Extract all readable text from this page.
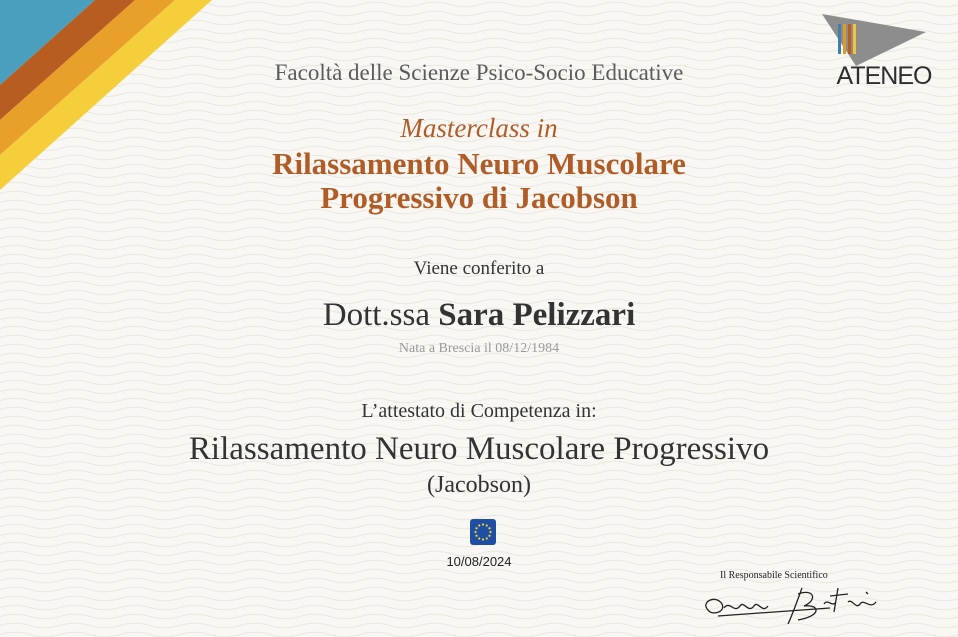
ATENEO
Facoltà delle Scienze Psico-Socio Educative
Masterclass in
Rilassamento Neuro Muscolare
Progressivo di Jacobson
Viene conferito a
Dott.ssa Sara Pelizzari
Nata a Brescia il 08/12/1984
L’attestato di Competenza in:
Rilassamento Neuro Muscolare Progressivo
(Jacobson)
10/08/2024
Il Responsabile Scientifico
